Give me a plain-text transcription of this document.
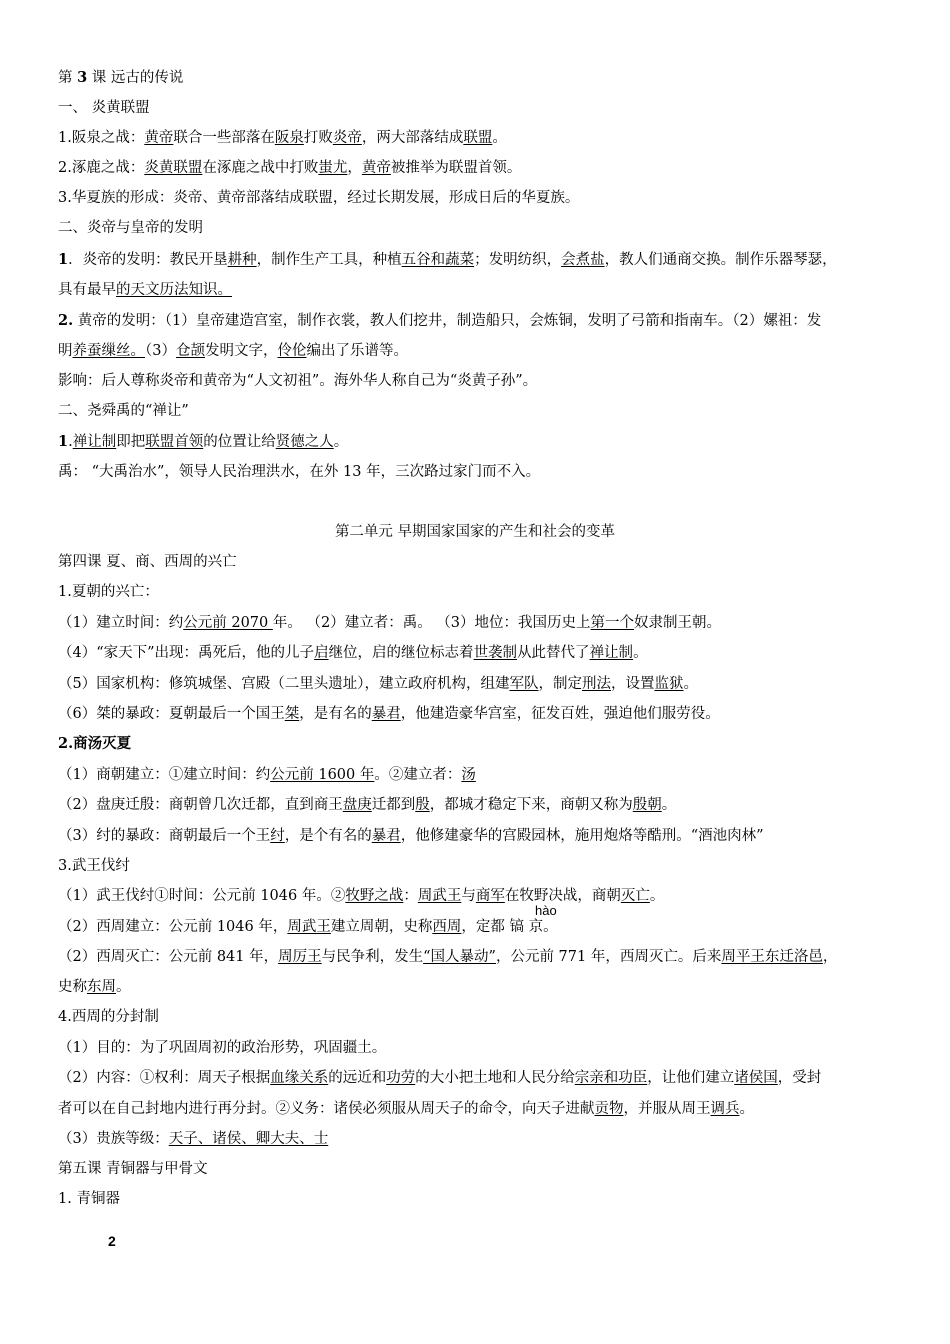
第 3 课 远古的传说
一、 炎黄联盟
1.阪泉之战：黄帝联合一些部落在阪泉打败炎帝，两大部落结成联盟。
2.涿鹿之战：炎黄联盟在涿鹿之战中打败蚩尤，黄帝被推举为联盟首领。
3.华夏族的形成：炎帝、黄帝部落结成联盟，经过长期发展，形成日后的华夏族。
二、炎帝与皇帝的发明
1．炎帝的发明：教民开垦耕种，制作生产工具，种植五谷和蔬菜；发明纺织，会煮盐，教人们通商交换。制作乐器琴瑟，
具有最早的天文历法知识。
2. 黄帝的发明：（1）皇帝建造宫室，制作衣裳，教人们挖井，制造船只，会炼铜，发明了弓箭和指南车。（2）嫘祖：发
明养蚕缫丝。（3）仓颉发明文字，伶伦编出了乐谱等。
影响：后人尊称炎帝和黄帝为“人文初祖”。海外华人称自己为“炎黄子孙”。
二、尧舜禹的“禅让”
1.禅让制即把联盟首领的位置让给贤德之人。
禹： “大禹治水”，领导人民治理洪水，在外 13 年，三次路过家门而不入。
第二单元 早期国家国家的产生和社会的变革
第四课 夏、商、西周的兴亡
1.夏朝的兴亡：
（1）建立时间：约公元前 2070 年。 （2）建立者：禹。 （3）地位：我国历史上第一个奴隶制王朝。
（4）“家天下”出现：禹死后，他的儿子启继位，启的继位标志着世袭制从此替代了禅让制。
（5）国家机构：修筑城堡、宫殿（二里头遗址），建立政府机构，组建军队，制定刑法，设置监狱。
（6）桀的暴政：夏朝最后一个国王桀，是有名的暴君，他建造豪华宫室，征发百姓，强迫他们服劳役。
2.商汤灭夏
（1）商朝建立：①建立时间：约公元前 1600 年。②建立者：汤
（2）盘庚迁殷：商朝曾几次迁都，直到商王盘庚迁都到殷，都城才稳定下来，商朝又称为殷朝。
（3）纣的暴政：商朝最后一个王纣，是个有名的暴君，他修建豪华的宫殿园林，施用炮烙等酷刑。“酒池肉林”
3.武王伐纣
（1）武王伐纣①时间：公元前 1046 年。②牧野之战：周武王与商军在牧野决战，商朝灭亡。
（2）西周建立：公元前 1046 年，周武王建立周朝，史称西周，定都 镐 京。
（2）西周灭亡：公元前 841 年，周厉王与民争利，发生“国人暴动”，公元前 771 年，西周灭亡。后来周平王东迁洛邑，
史称东周。
4.西周的分封制
（1）目的：为了巩固周初的政治形势，巩固疆土。
（2）内容：①权利：周天子根据血缘关系的远近和功劳的大小把土地和人民分给宗亲和功臣，让他们建立诸侯国，受封
者可以在自己封地内进行再分封。②义务：诸侯必须服从周天子的命令，向天子进献贡物，并服从周王调兵。
（3）贵族等级：天子、诸侯、卿大夫、士
第五课 青铜器与甲骨文
1. 青铜器
hào
2
